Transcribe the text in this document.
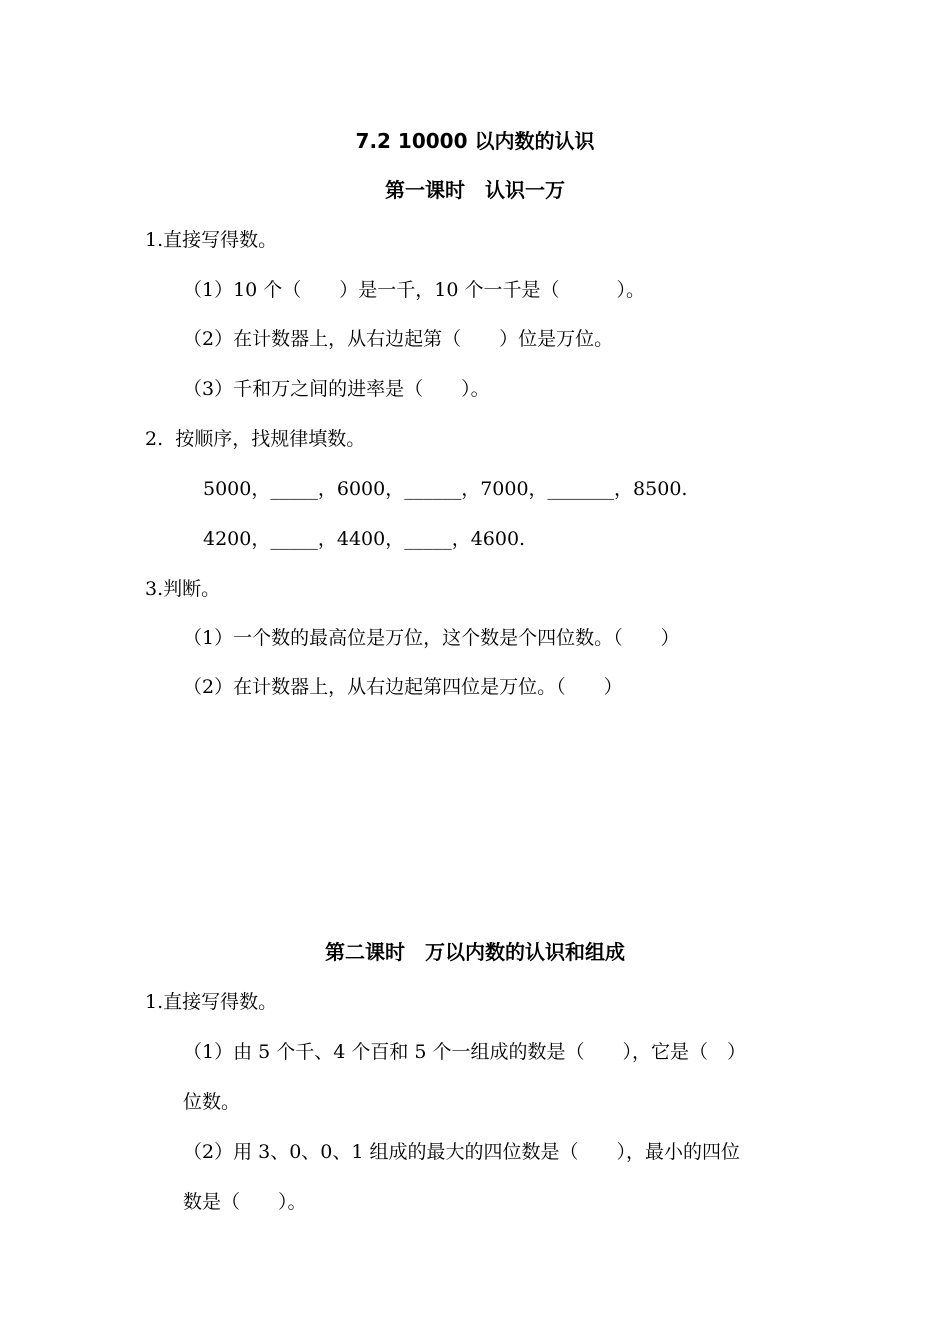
7.2 10000 以内数的认识
第一课时　认识一万
1.直接写得数。
（1）10 个（　　）是一千，10 个一千是（　　　）。
（2）在计数器上，从右边起第（　　）位是万位。
（3）千和万之间的进率是（　　）。
2.  按顺序，找规律填数。
5000，_____，6000，______，7000，_______，8500.
4200，_____，4400，_____，4600.
3.判断。
（1）一个数的最高位是万位，这个数是个四位数。（　　）
（2）在计数器上，从右边起第四位是万位。（　　）
第二课时　万以内数的认识和组成
1.直接写得数。
（1）由 5 个千、4 个百和 5 个一组成的数是（　　），它是（　）
位数。
（2）用 3、0、0、1 组成的最大的四位数是（　　），最小的四位
数是（　　）。
